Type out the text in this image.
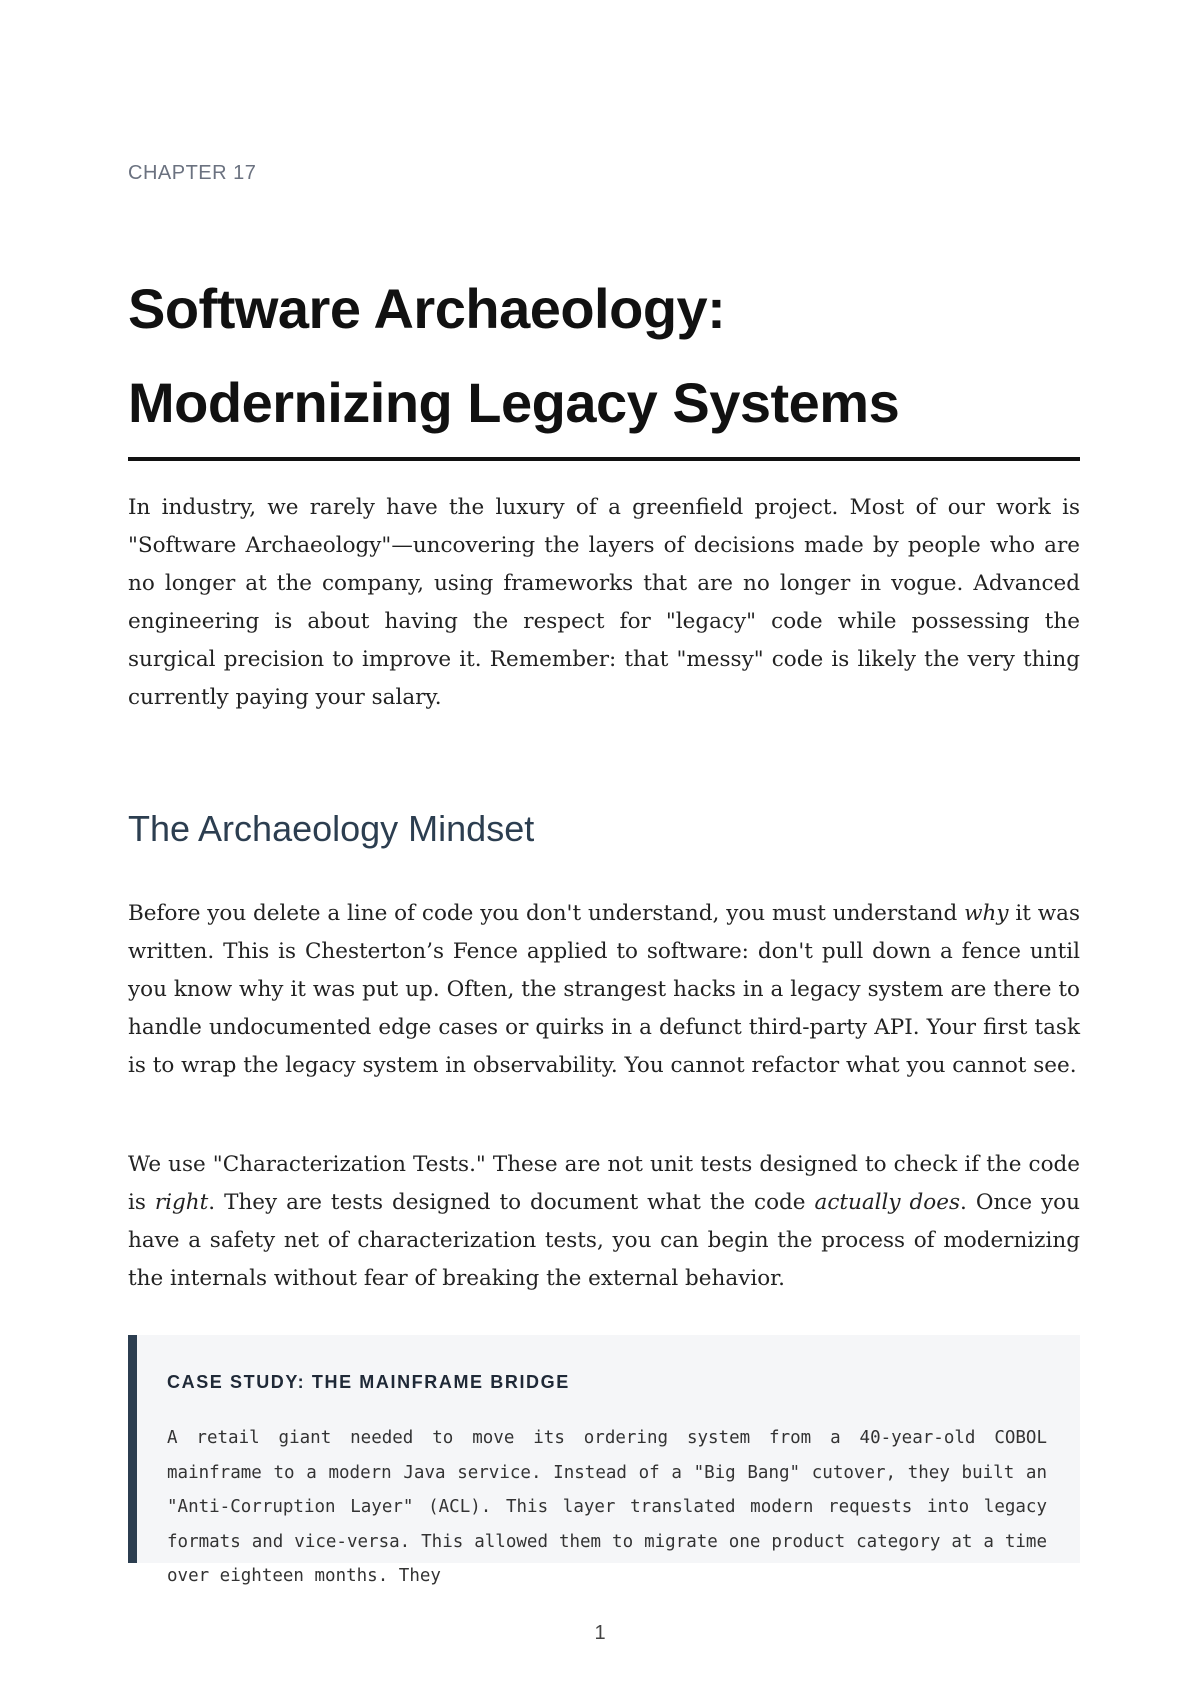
CHAPTER 17
Software Archaeology:
Modernizing Legacy Systems

In industry, we rarely have the luxury of a greenfield project. Most of our work is "Software Archaeology"—uncovering the layers of decisions made by people who are no longer at the company, using frameworks that are no longer in vogue. Advanced engineering is about having the respect for "legacy" code while possessing the surgical precision to improve it. Remember: that "messy" code is likely the very thing currently paying your salary.

The Archaeology Mindset

Before you delete a line of code you don't understand, you must understand why it was written. This is Chesterton’s Fence applied to software: don't pull down a fence until you know why it was put up. Often, the strangest hacks in a legacy system are there to handle undocumented edge cases or quirks in a defunct third-party API. Your first task is to wrap the legacy system in observability. You cannot refactor what you cannot see.

We use "Characterization Tests." These are not unit tests designed to check if the code is right. They are tests designed to document what the code actually does. Once you have a safety net of characterization tests, you can begin the process of modernizing the internals without fear of breaking the external behavior.

CASE STUDY: THE MAINFRAME BRIDGE

A retail giant needed to move its ordering system from a 40-year-old COBOL mainframe to a modern Java service. Instead of a "Big Bang" cutover, they built an "Anti-Corruption Layer" (ACL). This layer translated modern requests into legacy formats and vice-versa. This allowed them to migrate one product category at a time over eighteen months. They

1
